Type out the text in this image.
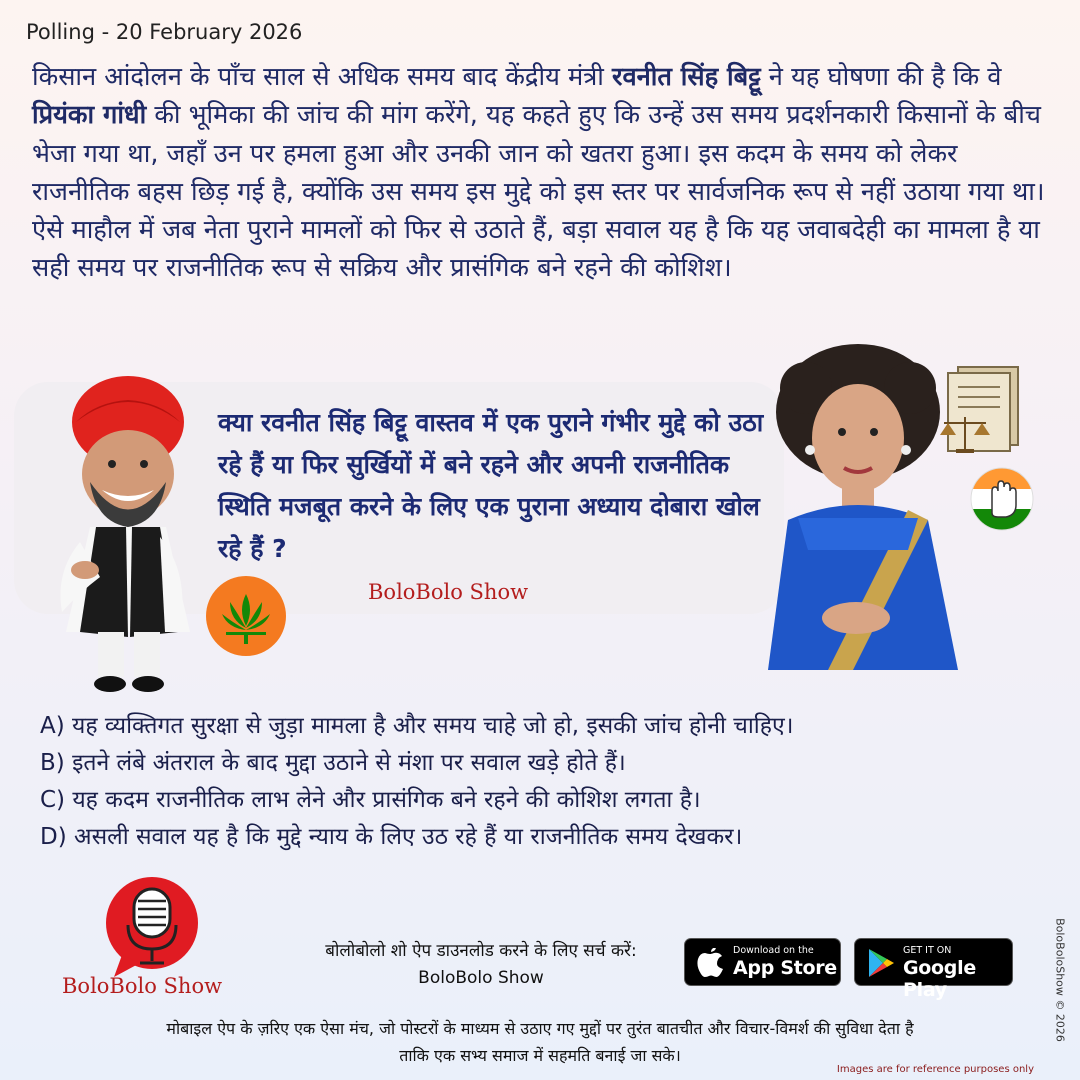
Polling - 20 February 2026
किसान आंदोलन के पाँच साल से अधिक समय बाद केंद्रीय मंत्री रवनीत सिंह बिट्टू ने यह घोषणा की है कि वे प्रियंका गांधी की भूमिका की जांच की मांग करेंगे, यह कहते हुए कि उन्हें उस समय प्रदर्शनकारी किसानों के बीच भेजा गया था, जहाँ उन पर हमला हुआ और उनकी जान को खतरा हुआ। इस कदम के समय को लेकर राजनीतिक बहस छिड़ गई है, क्योंकि उस समय इस मुद्दे को इस स्तर पर सार्वजनिक रूप से नहीं उठाया गया था। ऐसे माहौल में जब नेता पुराने मामलों को फिर से उठाते हैं, बड़ा सवाल यह है कि यह जवाबदेही का मामला है या सही समय पर राजनीतिक रूप से सक्रिय और प्रासंगिक बने रहने की कोशिश।
क्या रवनीत सिंह बिट्टू वास्तव में एक पुराने गंभीर मुद्दे को उठा रहे हैं या फिर सुर्खियों में बने रहने और अपनी राजनीतिक स्थिति मजबूत करने के लिए एक पुराना अध्याय दोबारा खोल रहे हैं ?
BoloBolo Show
A) यह व्यक्तिगत सुरक्षा से जुड़ा मामला है और समय चाहे जो हो, इसकी जांच होनी चाहिए।
B) इतने लंबे अंतराल के बाद मुद्दा उठाने से मंशा पर सवाल खड़े होते हैं।
C) यह कदम राजनीतिक लाभ लेने और प्रासंगिक बने रहने की कोशिश लगता है।
D) असली सवाल यह है कि मुद्दे न्याय के लिए उठ रहे हैं या राजनीतिक समय देखकर।
BoloBolo Show
बोलोबोलो शो ऐप डाउनलोड करने के लिए सर्च करें:
BoloBolo Show
Download on the
App Store
GET IT ON
Google Play
मोबाइल ऐप के ज़रिए एक ऐसा मंच, जो पोस्टरों के माध्यम से उठाए गए मुद्दों पर तुरंत बातचीत और विचार-विमर्श की सुविधा देता है
ताकि एक सभ्य समाज में सहमति बनाई जा सके।
BoloBoloShow © 2026
Images are for reference purposes only
